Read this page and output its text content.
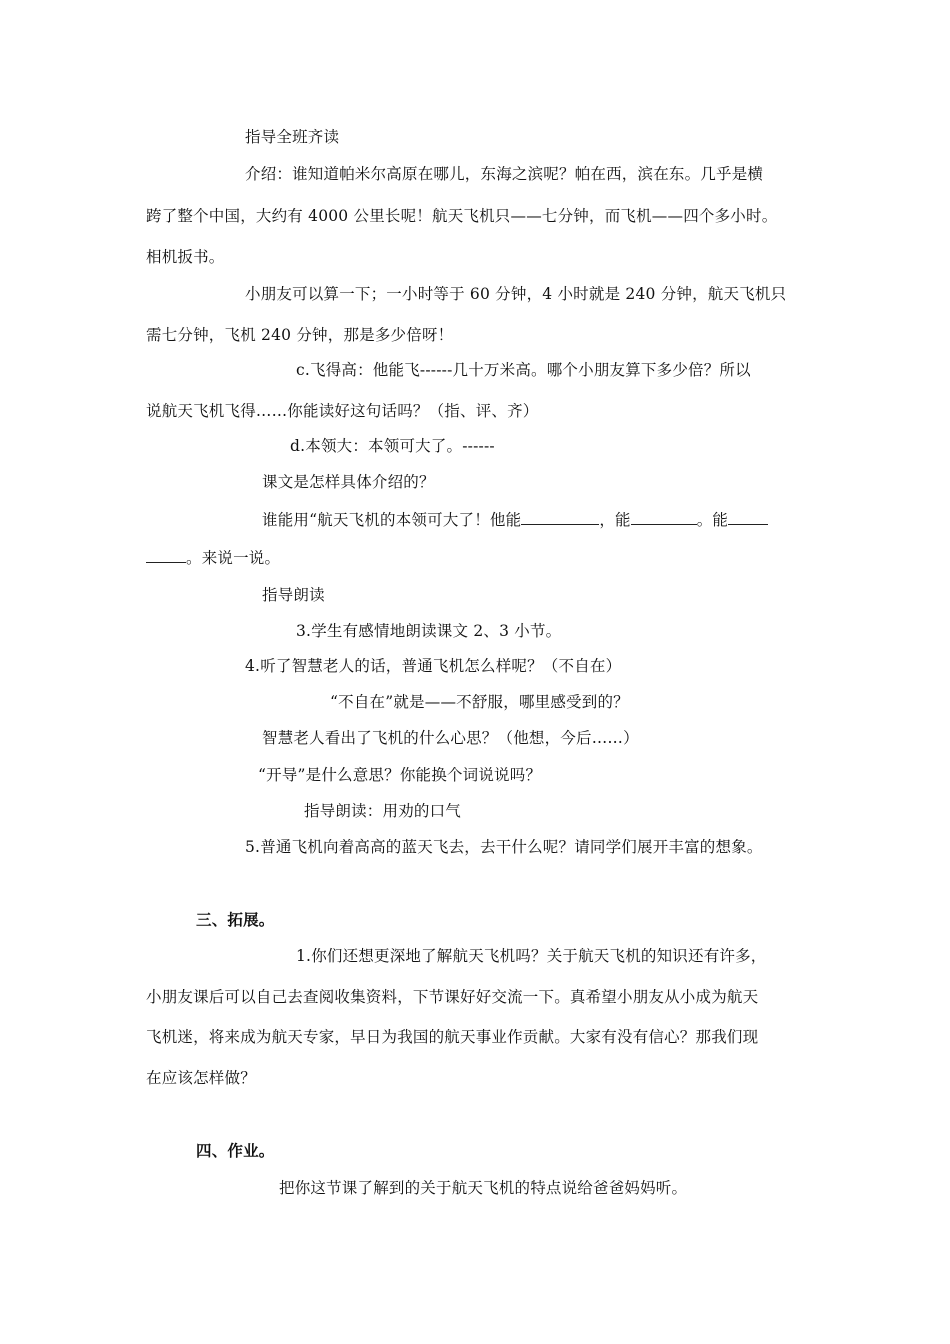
指导全班齐读
介绍：谁知道帕米尔高原在哪儿，东海之滨呢？帕在西，滨在东。几乎是横
跨了整个中国，大约有 4000 公里长呢！航天飞机只——七分钟，而飞机——四个多小时。
相机扳书。
小朋友可以算一下；一小时等于 60 分钟，4 小时就是 240 分钟，航天飞机只
需七分钟，飞机 240 分钟，那是多少倍呀！
c.飞得高：他能飞------几十万米高。哪个小朋友算下多少倍？所以
说航天飞机飞得……你能读好这句话吗？（指、评、齐）
d.本领大：本领可大了。------
课文是怎样具体介绍的？
谁能用“航天飞机的本领可大了！他能	，能	。能
。来说一说。
指导朗读
3.学生有感情地朗读课文 2、3 小节。
4.听了智慧老人的话，普通飞机怎么样呢？（不自在）
“不自在”就是——不舒服，哪里感受到的？
智慧老人看出了飞机的什么心思？（他想，今后……）
“开导”是什么意思？你能换个词说说吗？
指导朗读：用劝的口气
5.普通飞机向着高高的蓝天飞去，去干什么呢？请同学们展开丰富的想象。
三、拓展。
1.你们还想更深地了解航天飞机吗？关于航天飞机的知识还有许多，
小朋友课后可以自己去查阅收集资料，下节课好好交流一下。真希望小朋友从小成为航天
飞机迷，将来成为航天专家，早日为我国的航天事业作贡献。大家有没有信心？那我们现
在应该怎样做？
四、作业。
把你这节课了解到的关于航天飞机的特点说给爸爸妈妈听。
